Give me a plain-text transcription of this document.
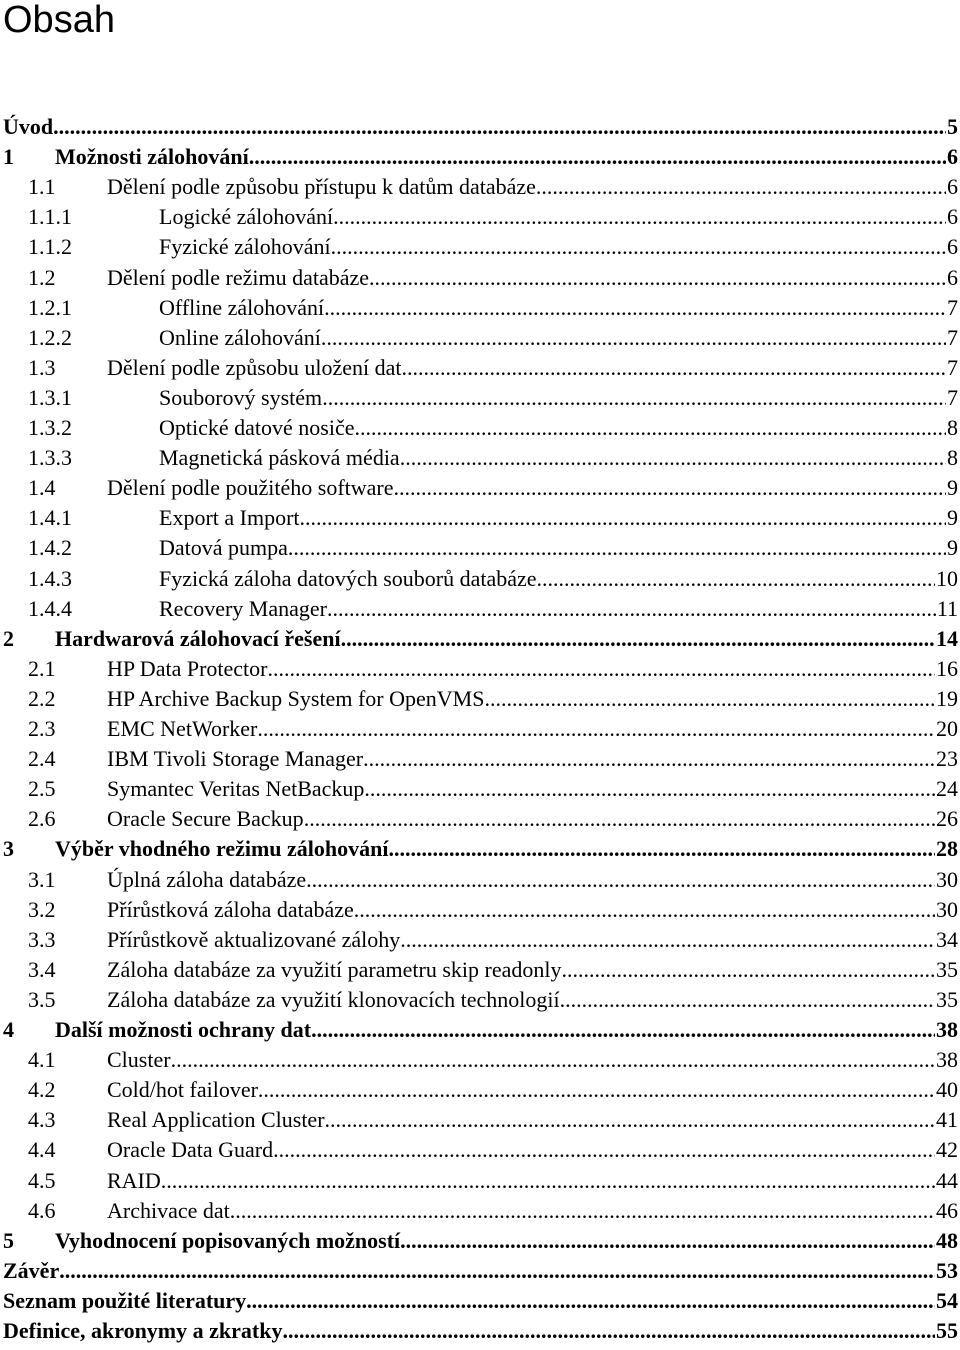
Obsah
Úvod .....	5
1 Možnosti zálohování .....	6
1.1 Dělení podle způsobu přístupu k datům databáze .....	6
1.1.1	Logické zálohování .....	6
1.1.2	Fyzické zálohování .....	6
1.2 Dělení podle režimu databáze .....	6
1.2.1	Offline zálohování .....	7
1.2.2	Online zálohování .....	7
1.3 Dělení podle způsobu uložení dat .....	7
1.3.1	Souborový systém .....	7
1.3.2	Optické datové nosiče .....	8
1.3.3	Magnetická pásková média .....	8
1.4 Dělení podle použitého software .....	9
1.4.1	Export a Import .....	9
1.4.2	Datová pumpa .....	9
1.4.3	Fyzická záloha datových souborů databáze .....	10
1.4.4	Recovery Manager .....	11
2 Hardwarová zálohovací řešení .....	14
2.1 HP Data Protector .....	16
2.2 HP Archive Backup System for OpenVMS .....	19
2.3 EMC NetWorker .....	20
2.4 IBM Tivoli Storage Manager .....	23
2.5 Symantec Veritas NetBackup .....	24
2.6 Oracle Secure Backup .....	26
3 Výběr vhodného režimu zálohování .....	28
3.1 Úplná záloha databáze .....	30
3.2 Přírůstková záloha databáze .....	30
3.3 Přírůstkově aktualizované zálohy .....	34
3.4 Záloha databáze za využití parametru skip readonly .....	35
3.5 Záloha databáze za využití klonovacích technologií .....	35
4 Další možnosti ochrany dat .....	38
4.1 Cluster .....	38
4.2 Cold/hot failover .....	40
4.3 Real Application Cluster .....	41
4.4 Oracle Data Guard .....	42
4.5 RAID .....	44
4.6 Archivace dat .....	46
5 Vyhodnocení popisovaných možností .....	48
Závěr .....	53
Seznam použité literatury .....	54
Definice, akronymy a zkratky .....	55
